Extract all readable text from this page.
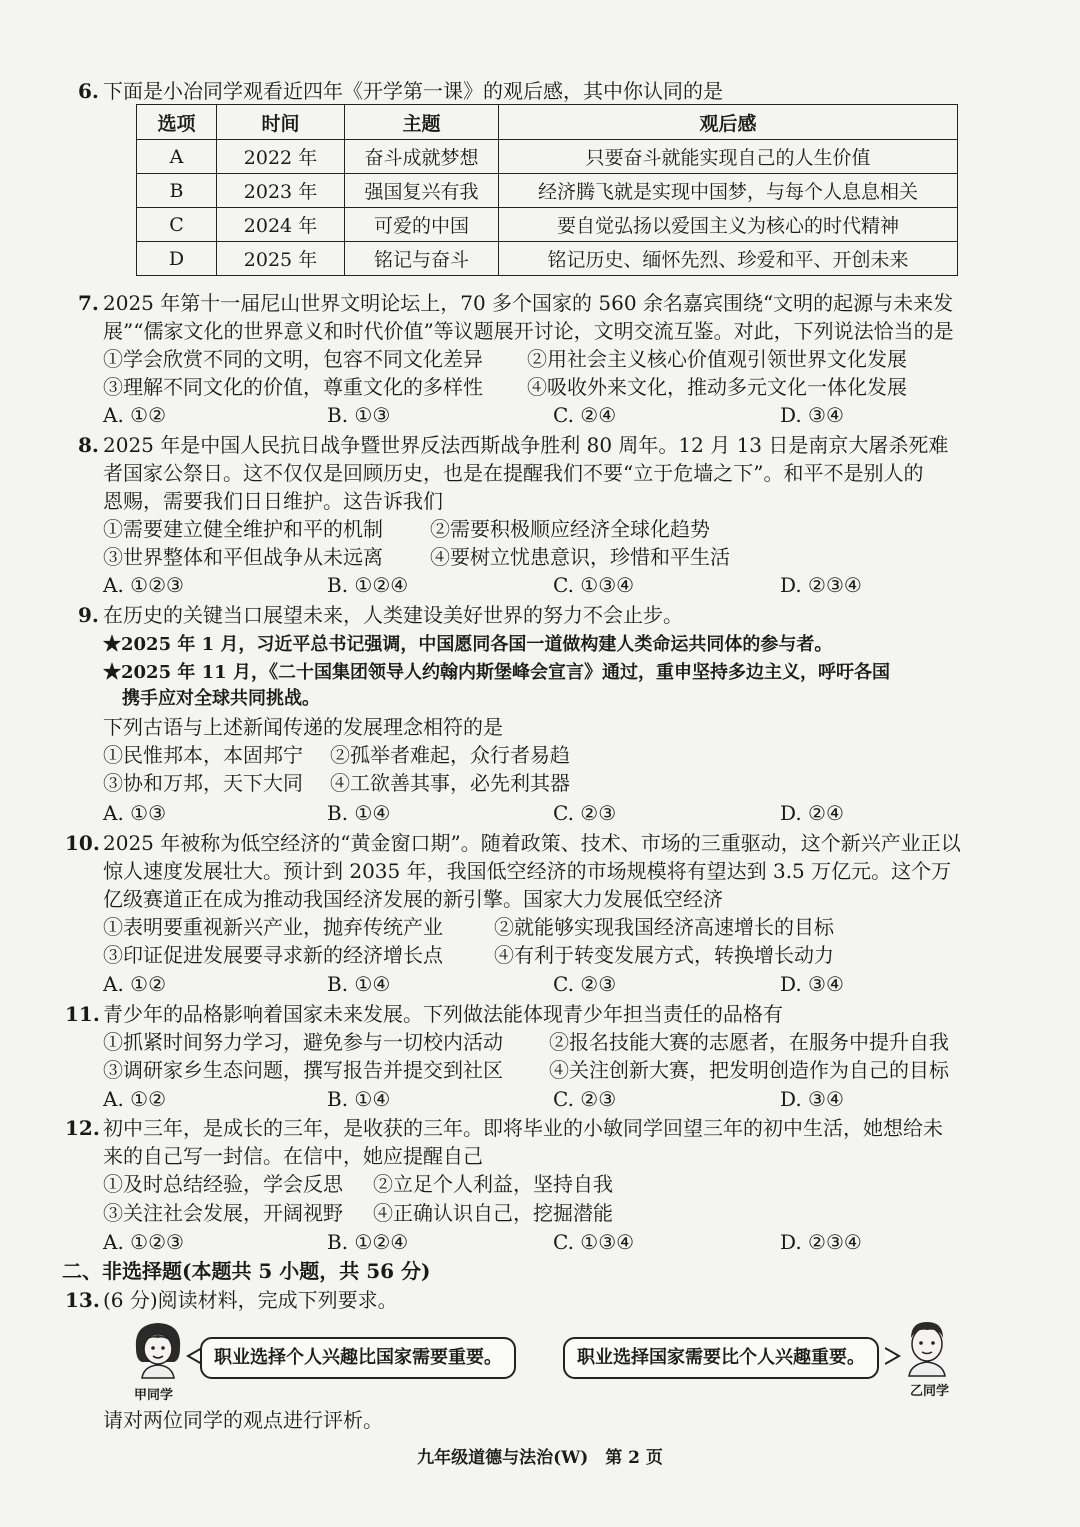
6. 下面是小冶同学观看近四年《开学第一课》的观后感，其中你认同的是
选项	时间	主题	观后感
A	2022 年	奋斗成就梦想	只要奋斗就能实现自己的人生价值
B	2023 年	强国复兴有我	经济腾飞就是实现中国梦，与每个人息息相关
C	2024 年	可爱的中国	要自觉弘扬以爱国主义为核心的时代精神
D	2025 年	铭记与奋斗	铭记历史、缅怀先烈、珍爱和平、开创未来
7. 2025 年第十一届尼山世界文明论坛上，70 多个国家的 560 余名嘉宾围绕“文明的起源与未来发
展”“儒家文化的世界意义和时代价值”等议题展开讨论，文明交流互鉴。对此，下列说法恰当的是
①学会欣赏不同的文明，包容不同文化差异 ②用社会主义核心价值观引领世界文化发展
③理解不同文化的价值，尊重文化的多样性 ④吸收外来文化，推动多元文化一体化发展
A. ①②	B. ①③	C. ②④	D. ③④
8. 2025 年是中国人民抗日战争暨世界反法西斯战争胜利 80 周年。12 月 13 日是南京大屠杀死难
者国家公祭日。这不仅仅是回顾历史，也是在提醒我们不要“立于危墙之下”。和平不是别人的
恩赐，需要我们日日维护。这告诉我们
①需要建立健全维护和平的机制 ②需要积极顺应经济全球化趋势
③世界整体和平但战争从未远离 ④要树立忧患意识，珍惜和平生活
A. ①②③	B. ①②④	C. ①③④	D. ②③④
9. 在历史的关键当口展望未来，人类建设美好世界的努力不会止步。
★2025 年 1 月，习近平总书记强调，中国愿同各国一道做构建人类命运共同体的参与者。
★2025 年 11 月，《二十国集团领导人约翰内斯堡峰会宣言》通过，重申坚持多边主义，呼吁各国
携手应对全球共同挑战。
下列古语与上述新闻传递的发展理念相符的是
①民惟邦本，本固邦宁 ②孤举者难起，众行者易趋
③协和万邦，天下大同 ④工欲善其事，必先利其器
A. ①③	B. ①④	C. ②③	D. ②④
10. 2025 年被称为低空经济的“黄金窗口期”。随着政策、技术、市场的三重驱动，这个新兴产业正以
惊人速度发展壮大。预计到 2035 年，我国低空经济的市场规模将有望达到 3.5 万亿元。这个万
亿级赛道正在成为推动我国经济发展的新引擎。国家大力发展低空经济
①表明要重视新兴产业，抛弃传统产业	②就能够实现我国经济高速增长的目标
③印证促进发展要寻求新的经济增长点	④有利于转变发展方式，转换增长动力
A. ①②	B. ①④	C. ②③	D. ③④
11. 青少年的品格影响着国家未来发展。下列做法能体现青少年担当责任的品格有
①抓紧时间努力学习，避免参与一切校内活动 ②报名技能大赛的志愿者，在服务中提升自我
③调研家乡生态问题，撰写报告并提交到社区 ④关注创新大赛，把发明创造作为自己的目标
A. ①②	B. ①④	C. ②③	D. ③④
12. 初中三年，是成长的三年，是收获的三年。即将毕业的小敏同学回望三年的初中生活，她想给未
来的自己写一封信。在信中，她应提醒自己
①及时总结经验，学会反思 ②立足个人利益，坚持自我
③关注社会发展，开阔视野 ④正确认识自己，挖掘潜能
A. ①②③	B. ①②④	C. ①③④	D. ②③④
二、非选择题(本题共 5 小题，共 56 分)
13. (6 分)阅读材料，完成下列要求。
甲同学
职业选择个人兴趣比国家需要重要。	职业选择国家需要比个人兴趣重要。
乙同学
请对两位同学的观点进行评析。
九年级道德与法治(W)　第 2 页
